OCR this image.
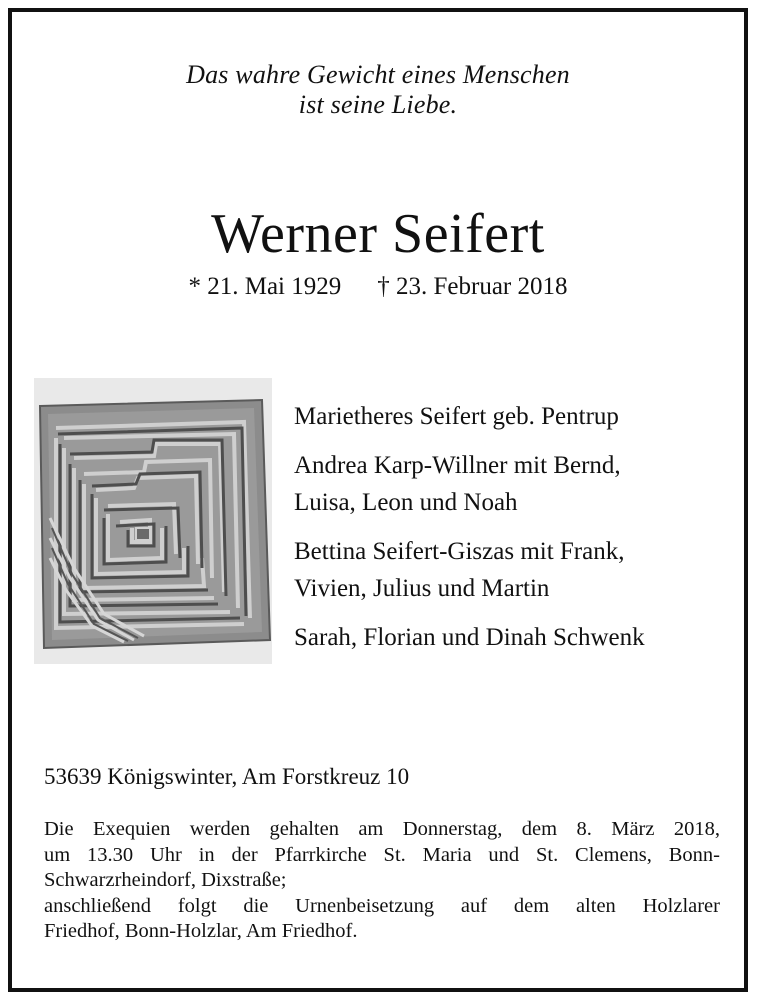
Das wahre Gewicht eines Menschen
ist seine Liebe.
Werner Seifert
* 21. Mai 1929 † 23. Februar 2018
Marietheres Seifert geb. Pentrup
Andrea Karp-Willner mit Bernd,
Luisa, Leon und Noah
Bettina Seifert-Giszas mit Frank,
Vivien, Julius und Martin
Sarah, Florian und Dinah Schwenk
53639 Königswinter, Am Forstkreuz 10
Die Exequien werden gehalten am Donnerstag, dem 8. März 2018,
um 13.30 Uhr in der Pfarrkirche St. Maria und St. Clemens, Bonn-
Schwarzrheindorf, Dixstraße;
anschließend folgt die Urnenbeisetzung auf dem alten Holzlarer
Friedhof, Bonn-Holzlar, Am Friedhof.
